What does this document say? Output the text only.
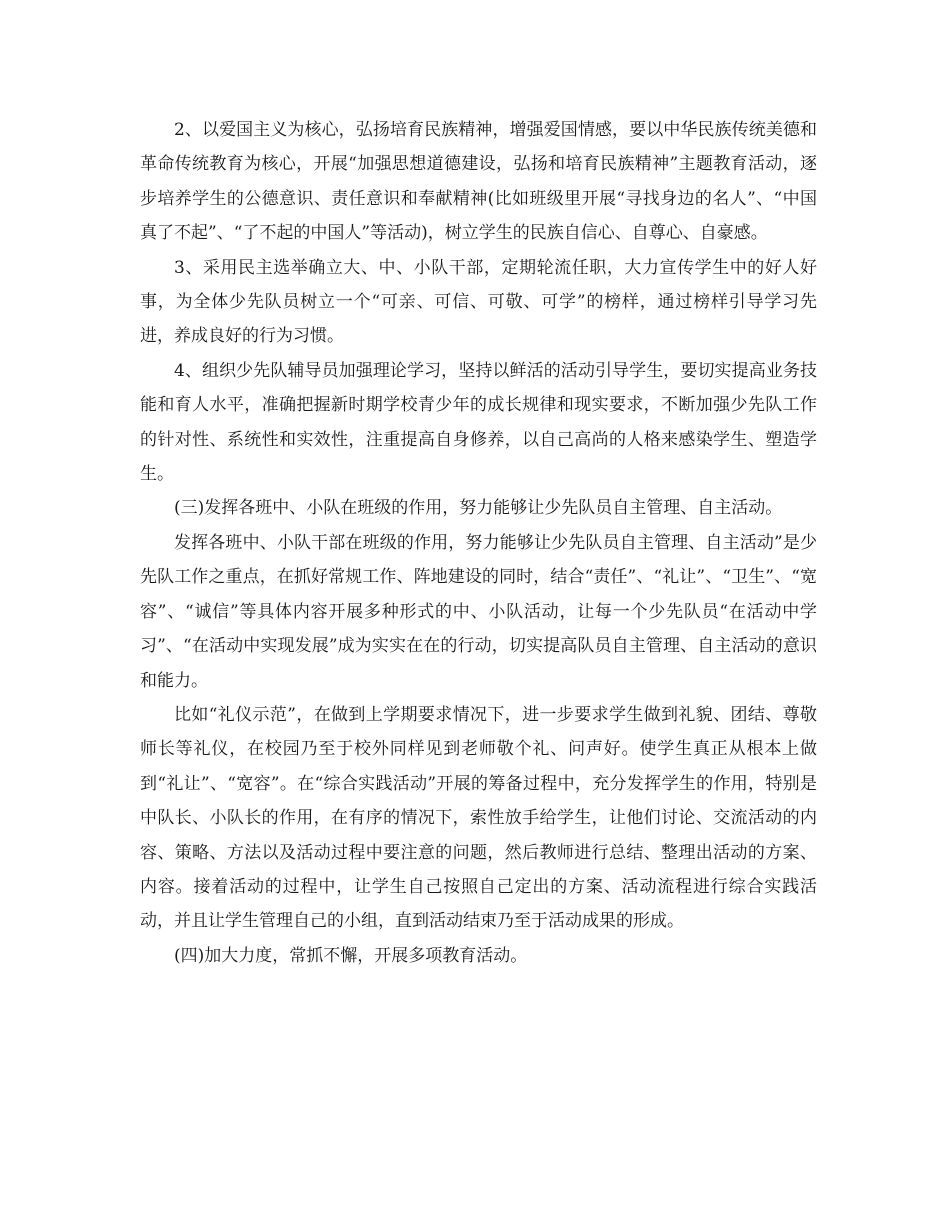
2、以爱国主义为核心，弘扬培育民族精神，增强爱国情感，要以中华民族传统美德和革命传统教育为核心，开展“加强思想道德建设，弘扬和培育民族精神”主题教育活动，逐步培养学生的公德意识、责任意识和奉献精神(比如班级里开展“寻找身边的名人”、“中国真了不起”、“了不起的中国人”等活动)，树立学生的民族自信心、自尊心、自豪感。

3、采用民主选举确立大、中、小队干部，定期轮流任职，大力宣传学生中的好人好事，为全体少先队员树立一个“可亲、可信、可敬、可学”的榜样，通过榜样引导学习先进，养成良好的行为习惯。

4、组织少先队辅导员加强理论学习，坚持以鲜活的活动引导学生，要切实提高业务技能和育人水平，准确把握新时期学校青少年的成长规律和现实要求，不断加强少先队工作的针对性、系统性和实效性，注重提高自身修养，以自己高尚的人格来感染学生、塑造学生。

(三)发挥各班中、小队在班级的作用，努力能够让少先队员自主管理、自主活动。

发挥各班中、小队干部在班级的作用，努力能够让少先队员自主管理、自主活动”是少先队工作之重点，在抓好常规工作、阵地建设的同时，结合“责任”、“礼让”、“卫生”、“宽容”、“诚信”等具体内容开展多种形式的中、小队活动，让每一个少先队员“在活动中学习”、“在活动中实现发展”成为实实在在的行动，切实提高队员自主管理、自主活动的意识和能力。

比如“礼仪示范”，在做到上学期要求情况下，进一步要求学生做到礼貌、团结、尊敬师长等礼仪，在校园乃至于校外同样见到老师敬个礼、问声好。使学生真正从根本上做到“礼让”、“宽容”。在“综合实践活动”开展的筹备过程中，充分发挥学生的作用，特别是中队长、小队长的作用，在有序的情况下，索性放手给学生，让他们讨论、交流活动的内容、策略、方法以及活动过程中要注意的问题，然后教师进行总结、整理出活动的方案、内容。接着活动的过程中，让学生自己按照自己定出的方案、活动流程进行综合实践活动，并且让学生管理自己的小组，直到活动结束乃至于活动成果的形成。

(四)加大力度，常抓不懈，开展多项教育活动。
